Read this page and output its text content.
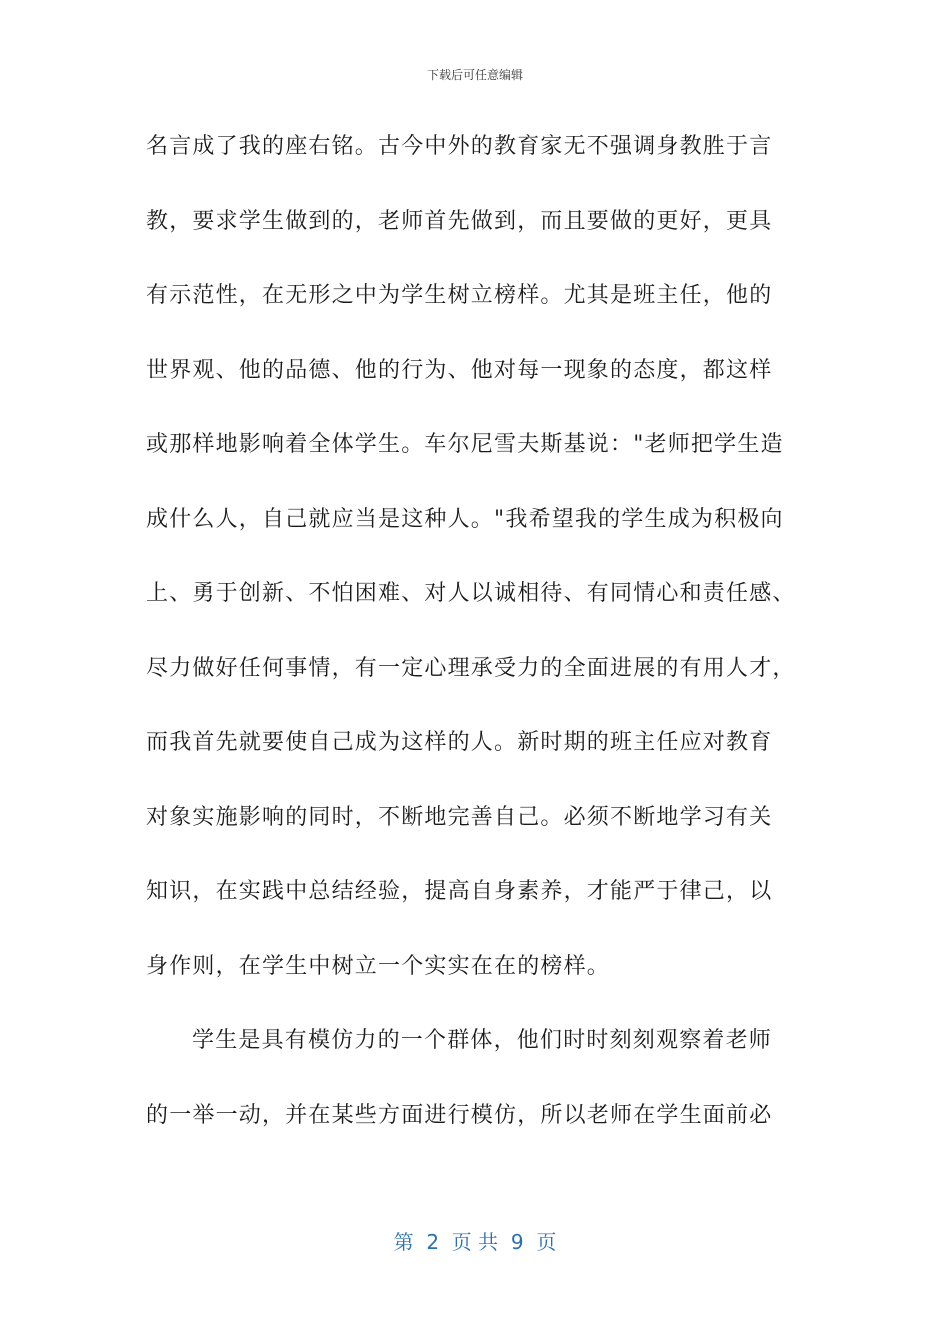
下载后可任意编辑
名言成了我的座右铭。古今中外的教育家无不强调身教胜于言
教，要求学生做到的，老师首先做到，而且要做的更好，更具
有示范性，在无形之中为学生树立榜样。尤其是班主任，他的
世界观、他的品德、他的行为、他对每一现象的态度，都这样
或那样地影响着全体学生。车尔尼雪夫斯基说："老师把学生造
成什么人，自己就应当是这种人。"我希望我的学生成为积极向
上、勇于创新、不怕困难、对人以诚相待、有同情心和责任感、
尽力做好任何事情，有一定心理承受力的全面进展的有用人才，
而我首先就要使自己成为这样的人。新时期的班主任应对教育
对象实施影响的同时，不断地完善自己。必须不断地学习有关
知识，在实践中总结经验，提高自身素养，才能严于律己，以
身作则，在学生中树立一个实实在在的榜样。
学生是具有模仿力的一个群体，他们时时刻刻观察着老师
的一举一动，并在某些方面进行模仿，所以老师在学生面前必
第  2  页 共  9  页
